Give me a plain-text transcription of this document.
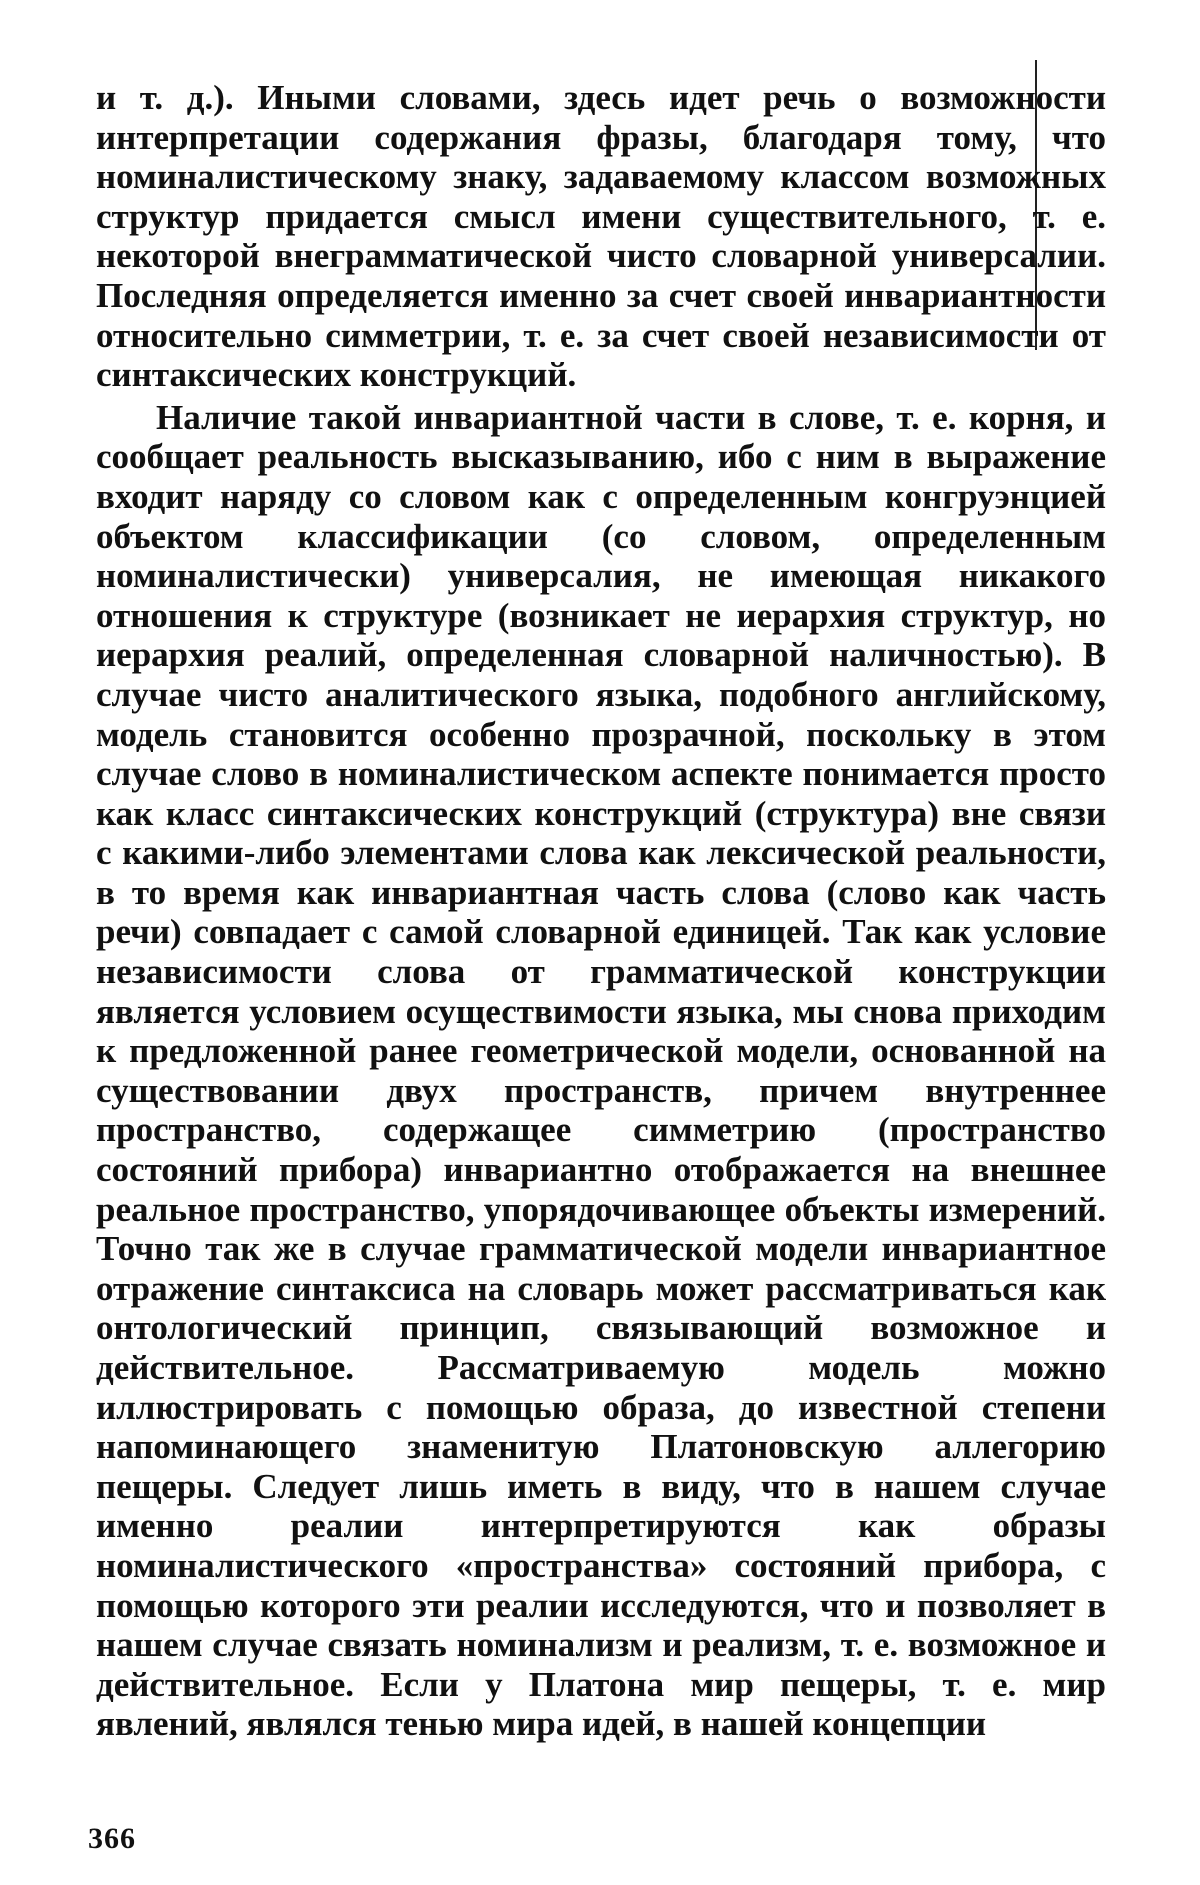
и т. д.). Иными словами, здесь идет речь о возможности интерпретации содержания фразы, благодаря тому, что номиналистическому знаку, задаваемому классом возможных структур придается смысл имени существительного, т. е. некоторой внеграмматической чисто словарной универсалии. Последняя определяется именно за счет своей инвариантности относительно симметрии, т. е. за счет своей независимости от синтаксических конструкций.

Наличие такой инвариантной части в слове, т. е. корня, и сообщает реальность высказыванию, ибо с ним в выражение входит наряду со словом как с определенным конгруэнцией объектом классификации (со словом, определенным номиналистически) универсалия, не имеющая никакого отношения к структуре (возникает не иерархия структур, но иерархия реалий, определенная словарной наличностью). В случае чисто аналитического языка, подобного английскому, модель становится особенно прозрачной, поскольку в этом случае слово в номиналистическом аспекте понимается просто как класс синтаксических конструкций (структура) вне связи с какими-либо элементами слова как лексической реальности, в то время как инвариантная часть слова (слово как часть речи) совпадает с самой словарной единицей. Так как условие независимости слова от грамматической конструкции является условием осуществимости языка, мы снова приходим к предложенной ранее геометрической модели, основанной на существовании двух пространств, причем внутреннее пространство, содержащее симметрию (пространство состояний прибора) инвариантно отображается на внешнее реальное пространство, упорядочивающее объекты измерений. Точно так же в случае грамматической модели инвариантное отражение синтаксиса на словарь может рассматриваться как онтологический принцип, связывающий возможное и действительное. Рассматриваемую модель можно иллюстрировать с помощью образа, до известной степени напоминающего знаменитую Платоновскую аллегорию пещеры. Следует лишь иметь в виду, что в нашем случае именно реалии интерпретируются как образы номиналистического «пространства» состояний прибора, с помощью которого эти реалии исследуются, что и позволяет в нашем случае связать номинализм и реализм, т. е. возможное и действительное. Если у Платона мир пещеры, т. е. мир явлений, являлся тенью мира идей, в нашей концепции

366
